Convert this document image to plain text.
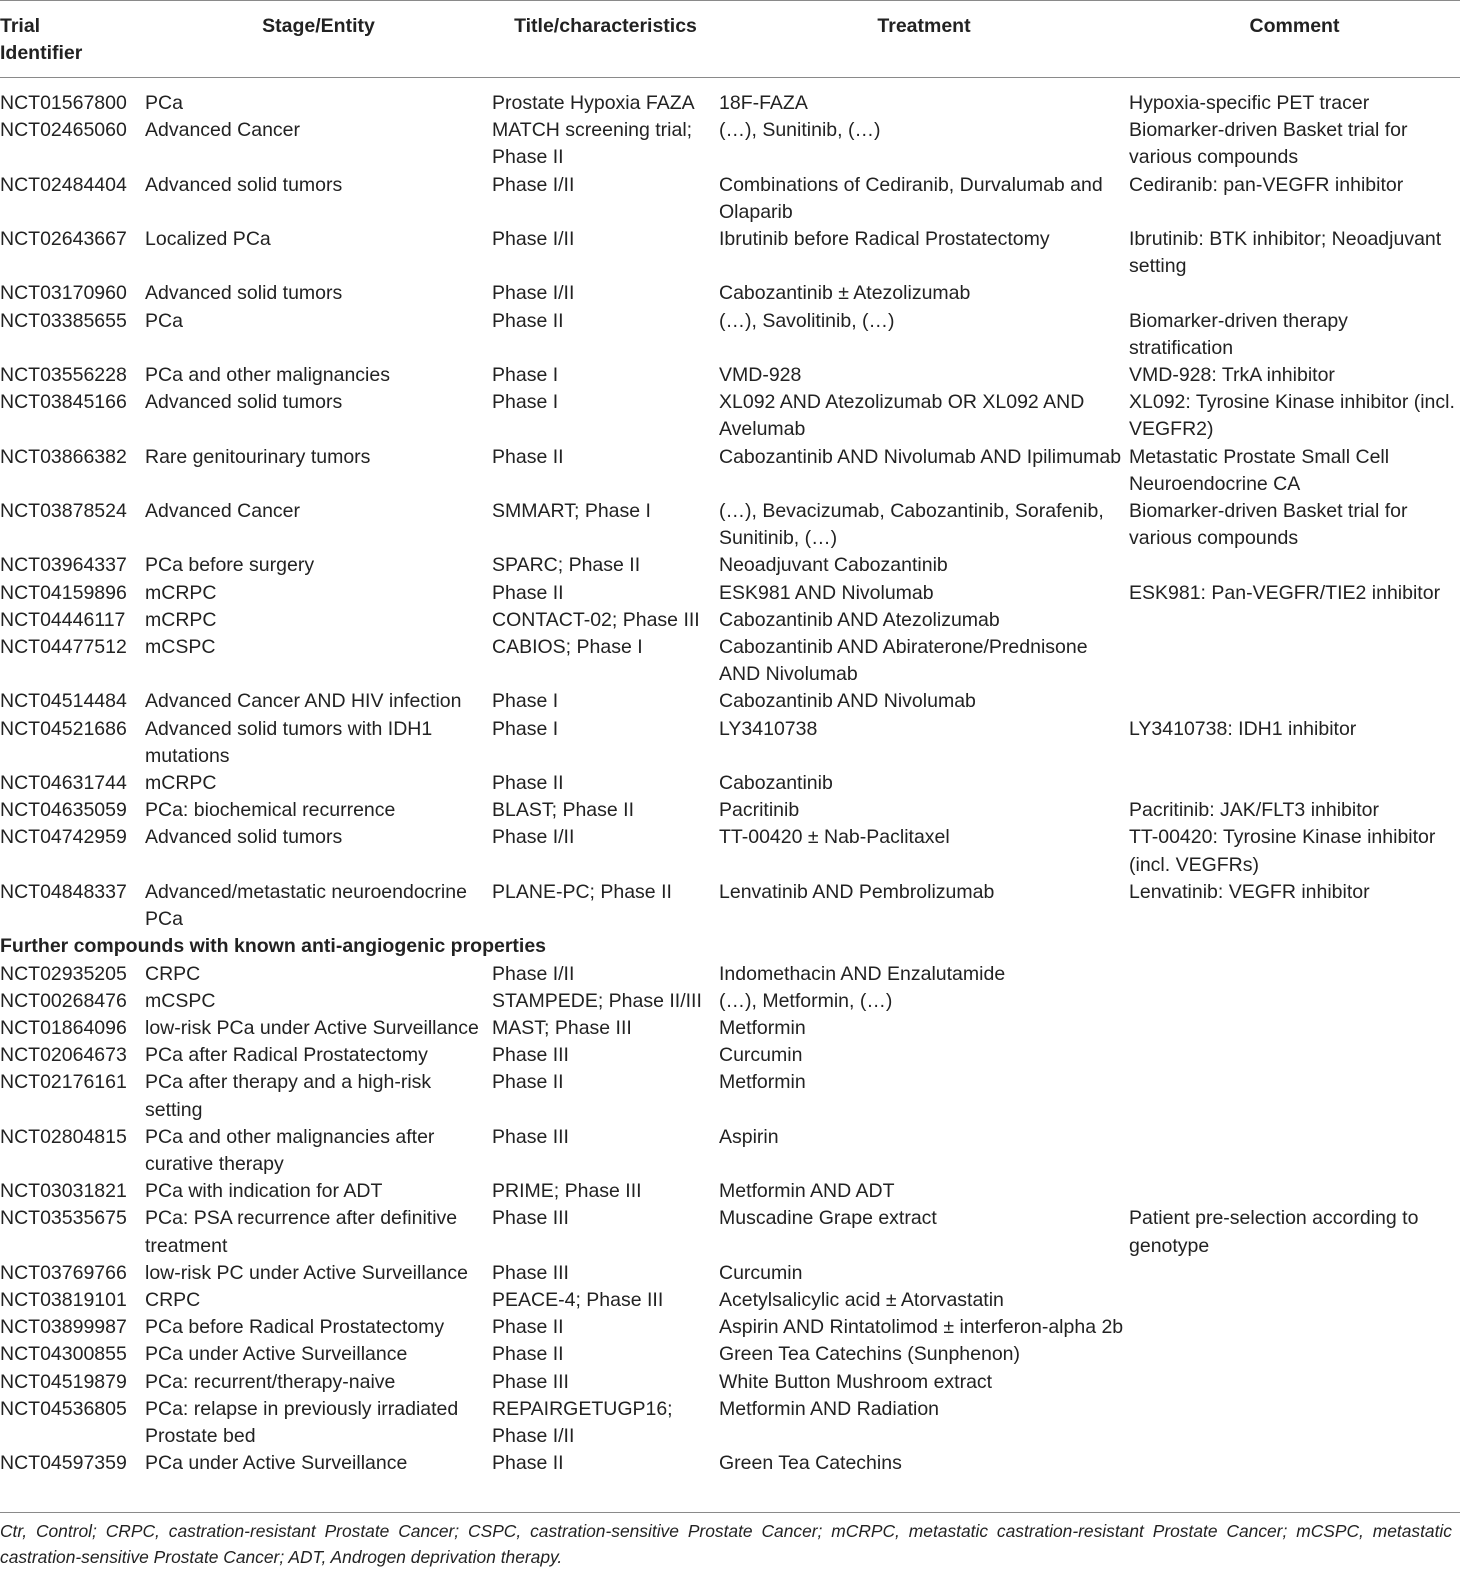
Trial
Identifier	Stage/Entity	Title/characteristics	Treatment	Comment
NCT01567800	PCa	Prostate Hypoxia FAZA	18F-FAZA	Hypoxia-specific PET tracer
NCT02465060	Advanced Cancer	MATCH screening trial; Phase II	(…), Sunitinib, (…)	Biomarker-driven Basket trial for various compounds
NCT02484404	Advanced solid tumors	Phase I/II	Combinations of Cediranib, Durvalumab and Olaparib	Cediranib: pan-VEGFR inhibitor
NCT02643667	Localized PCa	Phase I/II	Ibrutinib before Radical Prostatectomy	Ibrutinib: BTK inhibitor; Neoadjuvant setting
NCT03170960	Advanced solid tumors	Phase I/II	Cabozantinib ± Atezolizumab	
NCT03385655	PCa	Phase II	(…), Savolitinib, (…)	Biomarker-driven therapy stratification
NCT03556228	PCa and other malignancies	Phase I	VMD-928	VMD-928: TrkA inhibitor
NCT03845166	Advanced solid tumors	Phase I	XL092 AND Atezolizumab OR XL092 AND Avelumab	XL092: Tyrosine Kinase inhibitor (incl. VEGFR2)
NCT03866382	Rare genitourinary tumors	Phase II	Cabozantinib AND Nivolumab AND Ipilimumab	Metastatic Prostate Small Cell Neuroendocrine CA
NCT03878524	Advanced Cancer	SMMART; Phase I	(…), Bevacizumab, Cabozantinib, Sorafenib, Sunitinib, (…)	Biomarker-driven Basket trial for various compounds
NCT03964337	PCa before surgery	SPARC; Phase II	Neoadjuvant Cabozantinib	
NCT04159896	mCRPC	Phase II	ESK981 AND Nivolumab	ESK981: Pan-VEGFR/TIE2 inhibitor
NCT04446117	mCRPC	CONTACT-02; Phase III	Cabozantinib AND Atezolizumab	
NCT04477512	mCSPC	CABIOS; Phase I	Cabozantinib AND Abiraterone/Prednisone AND Nivolumab	
NCT04514484	Advanced Cancer AND HIV infection	Phase I	Cabozantinib AND Nivolumab	
NCT04521686	Advanced solid tumors with IDH1 mutations	Phase I	LY3410738	LY3410738: IDH1 inhibitor
NCT04631744	mCRPC	Phase II	Cabozantinib	
NCT04635059	PCa: biochemical recurrence	BLAST; Phase II	Pacritinib	Pacritinib: JAK/FLT3 inhibitor
NCT04742959	Advanced solid tumors	Phase I/II	TT-00420 ± Nab-Paclitaxel	TT-00420: Tyrosine Kinase inhibitor (incl. VEGFRs)
NCT04848337	Advanced/metastatic neuroendocrine PCa	PLANE-PC; Phase II	Lenvatinib AND Pembrolizumab	Lenvatinib: VEGFR inhibitor
Further compounds with known anti-angiogenic properties				
NCT02935205	CRPC	Phase I/II	Indomethacin AND Enzalutamide	
NCT00268476	mCSPC	STAMPEDE; Phase II/III	(…), Metformin, (…)	
NCT01864096	low-risk PCa under Active Surveillance	MAST; Phase III	Metformin	
NCT02064673	PCa after Radical Prostatectomy	Phase III	Curcumin	
NCT02176161	PCa after therapy and a high-risk setting	Phase II	Metformin	
NCT02804815	PCa and other malignancies after curative therapy	Phase III	Aspirin	
NCT03031821	PCa with indication for ADT	PRIME; Phase III	Metformin AND ADT	
NCT03535675	PCa: PSA recurrence after definitive treatment	Phase III	Muscadine Grape extract	Patient pre-selection according to genotype
NCT03769766	low-risk PC under Active Surveillance	Phase III	Curcumin	
NCT03819101	CRPC	PEACE-4; Phase III	Acetylsalicylic acid ± Atorvastatin	
NCT03899987	PCa before Radical Prostatectomy	Phase II	Aspirin AND Rintatolimod ± interferon-alpha 2b	
NCT04300855	PCa under Active Surveillance	Phase II	Green Tea Catechins (Sunphenon)	
NCT04519879	PCa: recurrent/therapy-naive	Phase III	White Button Mushroom extract	
NCT04536805	PCa: relapse in previously irradiated Prostate bed	REPAIRGETUGP16; Phase I/II	Metformin AND Radiation	
NCT04597359	PCa under Active Surveillance	Phase II	Green Tea Catechins	
Ctr, Control; CRPC, castration-resistant Prostate Cancer; CSPC, castration-sensitive Prostate Cancer; mCRPC, metastatic castration-resistant Prostate Cancer; mCSPC, metastatic castration-sensitive Prostate Cancer; ADT, Androgen deprivation therapy.
